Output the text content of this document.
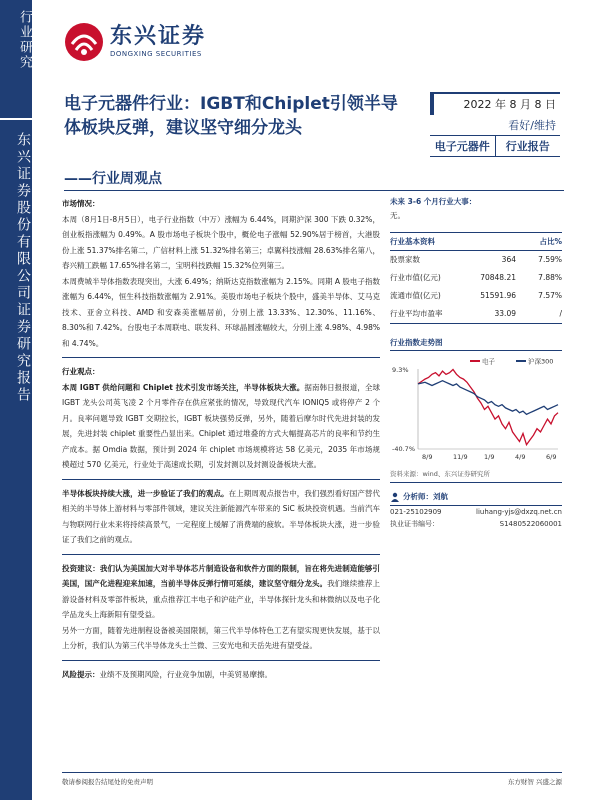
行业研究
东兴证券股份有限公司证券研究报告
东兴证券
DONGXING SECURITIES
电子元器件行业：IGBT和Chiplet引领半导体板块反弹，建议坚守细分龙头
——行业周观点
2022 年 8 月 8 日
看好/维持
电子元器件	行业报告
市场情况：

本周（8月1日-8月5日），电子行业指数（中万）涨幅为 6.44%，同期沪深 300 下跌 0.32%，创业板指涨幅为 0.49%。A 股市场电子板块个股中，概伦电子涨幅 52.90%居于榜首，大港股份上涨 51.37%排名第二，广信材料上涨 51.32%排名第三；卓翼科技涨幅 28.63%排名第八，春兴精工跌幅 17.65%排名第二，宝明科技跌幅 15.32%位列第三。

本周费城半导体指数表现突出，大涨 6.49%；纳斯达克指数涨幅为 2.15%。同期 A 股电子指数涨幅为 6.44%，恒生科技指数涨幅为 2.91%。美股市场电子板块个股中，盛美半导体、艾马克技术、亚舍立科技、AMD 和安森美涨幅居前，分别上涨 13.33%、12.30%、11.16%、8.30%和 7.42%。台股电子本周联电、联发科、环球晶圆涨幅较大，分别上涨 4.98%、4.98%和 4.74%。

行业观点：

本周 IGBT 供给问题和 Chiplet 技术引发市场关注，半导体板块大涨。据南韩日报报道，全球 IGBT 龙头公司英飞凌 2 个月零件存在供应紧张的情况，导致现代汽车 IONIQ5 或将停产 2 个月。良率问题导致 IGBT 交期拉长，IGBT 板块强势反弹，另外，随着后摩尔时代先进封装的发展，先进封装 chiplet 重要性凸显出来。Chiplet 通过堆叠的方式大幅提高芯片的良率和节约生产成本。据 Omdia 数据，预计到 2024 年 chiplet 市场规模将达 58 亿美元，2035 年市场规模超过 570 亿美元，行业处于高速成长期，引发封测以及封测设备板块大涨。

半导体板块持续大涨，进一步验证了我们的观点。在上期周观点报告中，我们强烈看好国产替代相关的半导体上游材料与零部件领域，建议关注新能源汽车带来的 SiC 板块投资机遇。当前汽车与物联网行业未来将持续高景气，一定程度上缓解了消费端的疲软。半导体板块大涨，进一步验证了我们之前的观点。

投资建议：我们认为美国加大对半导体芯片制造设备和软件方面的限制，旨在将先进制造能够引美国，国产化进程迎来加速，当前半导体反弹行情可延续，建议坚守细分龙头。我们继续推荐上游设备材料及零部件板块，重点推荐江丰电子和沪硅产业，半导体探针龙头和林微纳以及电子化学品龙头上海新阳有望受益。

另外一方面，随着先进制程设备被美国限制，第三代半导体特色工艺有望实现更快发展，基于以上分析，我们认为第三代半导体龙头士兰微、三安光电和天岳先进有望受益。

风险提示：业绩不及预期风险，行业竞争加剧，中美贸易摩擦。

未来 3-6 个月行业大事：
无。
行业基本资料	占比%
股票家数	364	7.59%
行业市值(亿元)	70848.21	7.88%
流通市值(亿元)	51591.96	7.57%
行业平均市盈率	33.09	/
行业指数走势图
9.3%
-40.7%
8/9	11/9	1/9	4/9	6/9
电子	沪深300
资料来源：wind、东兴证券研究所
分析师： 刘航
021-25102909	liuhang-yjs@dxzq.net.cn
执业证书编号：	S1480522060001
敬请参阅报告结尾处的免责声明	东方财智 兴盛之源
